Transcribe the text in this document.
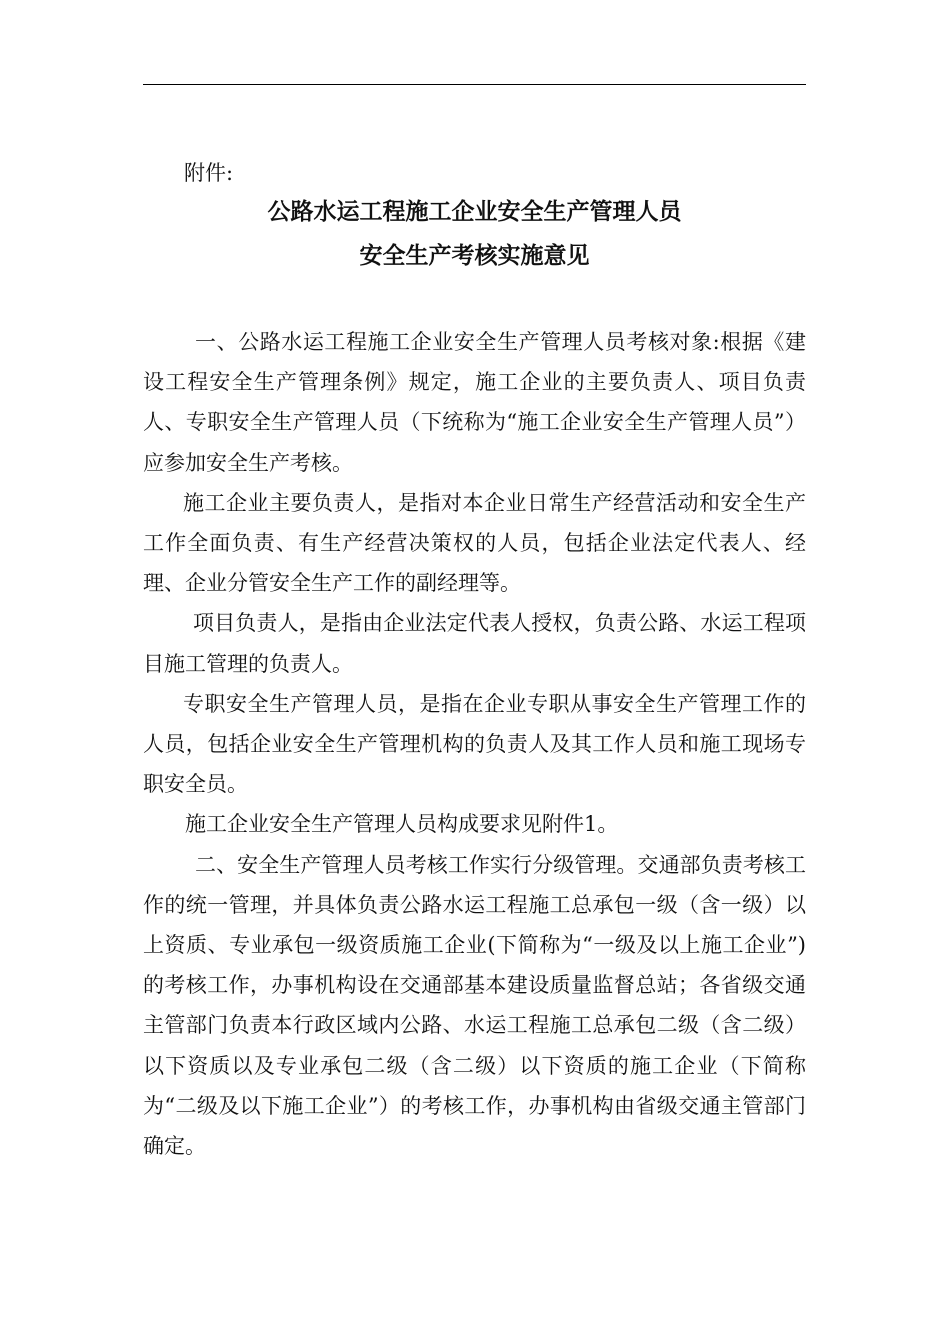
附件:
公路水运工程施工企业安全生产管理人员
安全生产考核实施意见

一、公路水运工程施工企业安全生产管理人员考核对象:根据《建设工程安全生产管理条例》规定，施工企业的主要负责人、项目负责人、专职安全生产管理人员（下统称为“施工企业安全生产管理人员”）应参加安全生产考核。

施工企业主要负责人，是指对本企业日常生产经营活动和安全生产工作全面负责、有生产经营决策权的人员，包括企业法定代表人、经理、企业分管安全生产工作的副经理等。

项目负责人，是指由企业法定代表人授权，负责公路、水运工程项目施工管理的负责人。

专职安全生产管理人员，是指在企业专职从事安全生产管理工作的人员，包括企业安全生产管理机构的负责人及其工作人员和施工现场专职安全员。

施工企业安全生产管理人员构成要求见附件1。

二、安全生产管理人员考核工作实行分级管理。交通部负责考核工作的统一管理，并具体负责公路水运工程施工总承包一级（含一级）以上资质、专业承包一级资质施工企业(下简称为“一级及以上施工企业”)的考核工作，办事机构设在交通部基本建设质量监督总站；各省级交通主管部门负责本行政区域内公路、水运工程施工总承包二级（含二级）以下资质以及专业承包二级（含二级）以下资质的施工企业（下简称为“二级及以下施工企业”）的考核工作，办事机构由省级交通主管部门确定。
